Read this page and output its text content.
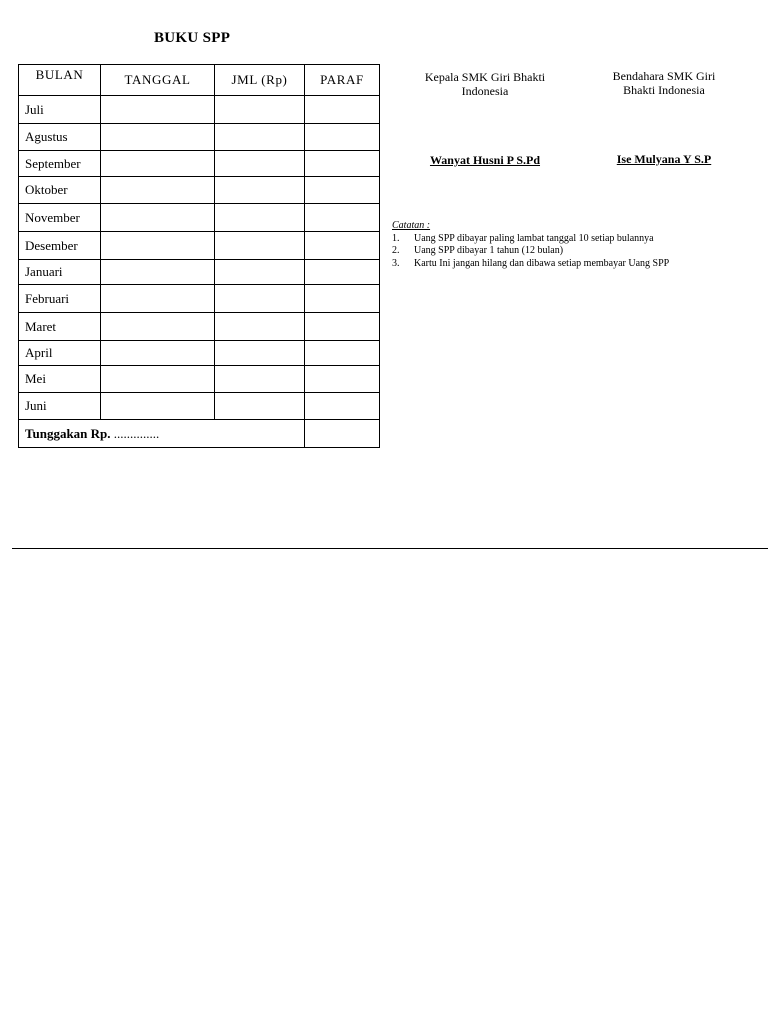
BUKU SPP
BULAN	TANGGAL	JML (Rp)	PARAF
Juli			
Agustus			
September			
Oktober			
November			
Desember			
Januari			
Februari			
Maret			
April			
Mei			
Juni			
Tunggakan Rp. ..............			
Kepala SMK Giri Bhakti
Indonesia
Wanyat Husni P S.Pd
Bendahara SMK Giri
Bhakti Indonesia
Ise Mulyana Y S.P
Catatan :
1.	Uang SPP dibayar paling lambat tanggal 10 setiap bulannya
2.	Uang SPP dibayar 1 tahun (12 bulan)
3.	Kartu Ini jangan hilang dan dibawa setiap membayar Uang SPP
